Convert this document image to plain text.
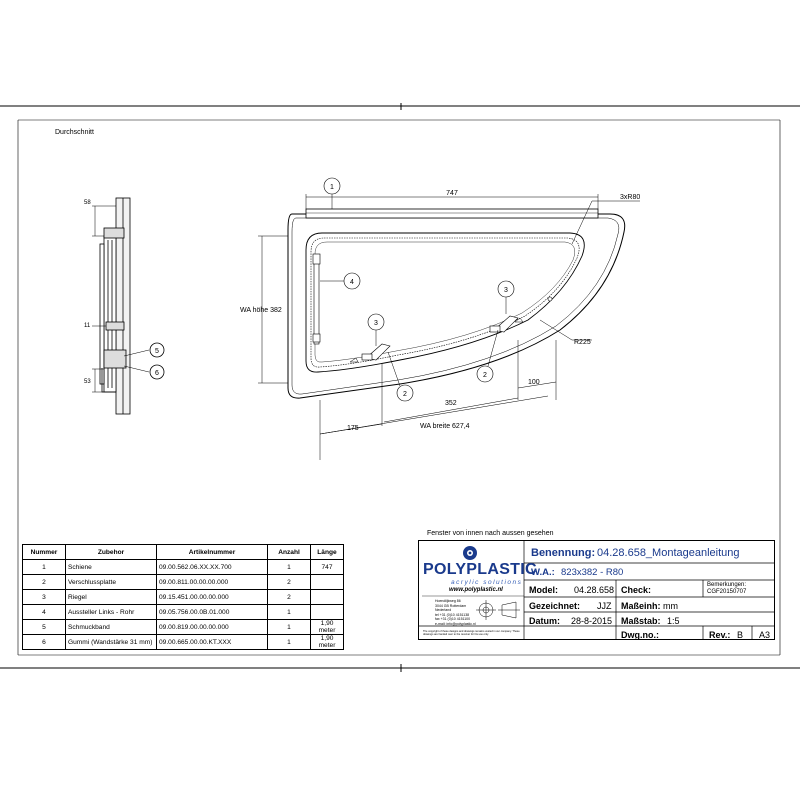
5
6
58
11
53
1
4
3
3
2
2
747
3xR80
R225
WA höhe 382
WA breite 627,4
352
175
100
Durchschnitt
Fenster von innen nach aussen gesehen
Nummer	Zubehor	Artikelnummer	Anzahl	Länge
1	Schiene	09.00.562.06.XX.XX.700	1	747
2	Verschlussplatte	09.00.811.00.00.00.000	2	
3	Riegel	09.15.451.00.00.00.000	2	
4	Aussteller Links - Rohr	09.05.756.00.0B.01.000	1	
5	Schmuckband	09.00.819.00.00.00.000	1	1,90 meter
6	Gummi (Wandstärke 31 mm)	09.00.665.00.00.KT.XXX	1	1,90 meter
POLYPLASTIC
acrylic solutions
www.polyplastic.nl
Hoendiijkweg 86
3044 GB Rotterdam
Nederland
tel +31 (0)10 4151138
fax +31 (0)10 4151100
e-mail: info@polyplastic.nl
The copyright of these designs and drawings remains vested in our company. These drawings are handed over to the receiver for his use only.
Benennung: 04.28.658_Montageanleitung
W.A.: 823x382 - R80
Model: 04.28.658 Check:	Bemerkungen:
CGF20150707
Gezeichnet: JJZ Maßeinh: mm
Datum: 28-8-2015 Maßstab: 1:5
Dwg.no.:	Rev.: B A3
